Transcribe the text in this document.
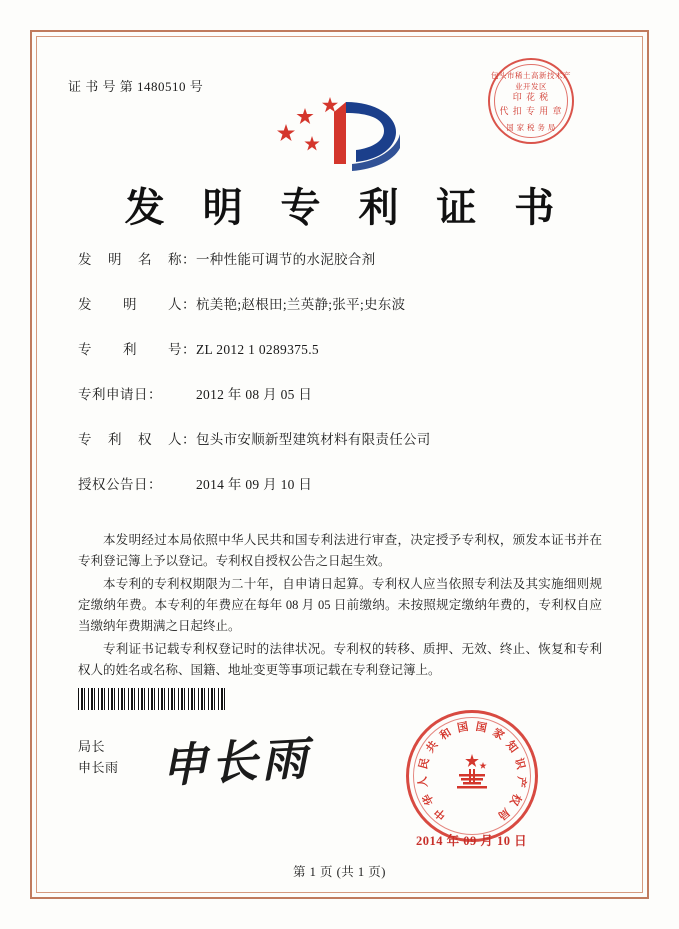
证 书 号 第 1480510 号
包头市稀土高新技术产业开发区
印 花 税
代 扣 专 用 章
国 家 税 务 局
发 明 专 利 证 书
发 明 名 称： 一种性能可调节的水泥胶合剂
发 明 人： 杭美艳;赵根田;兰英静;张平;史东波
专 利 号： ZL 2012 1 0289375.5
专利申请日：	2012 年 08 月 05 日
专 利 权 人： 包头市安顺新型建筑材料有限责任公司
授权公告日：	2014 年 09 月 10 日

本发明经过本局依照中华人民共和国专利法进行审查，决定授予专利权，颁发本证书并在专利登记簿上予以登记。专利权自授权公告之日起生效。

本专利的专利权期限为二十年，自申请日起算。专利权人应当依照专利法及其实施细则规定缴纳年费。本专利的年费应在每年 08 月 05 日前缴纳。未按照规定缴纳年费的，专利权自应当缴纳年费期满之日起终止。

专利证书记载专利权登记时的法律状况。专利权的转移、质押、无效、终止、恢复和专利权人的姓名或名称、国籍、地址变更等事项记载在专利登记簿上。

局长
申长雨 申长雨
中
华
人
民
共
和 国 国 家
知
识
产
权
局
2014 年 09 月 10 日
第 1 页 (共 1 页)
